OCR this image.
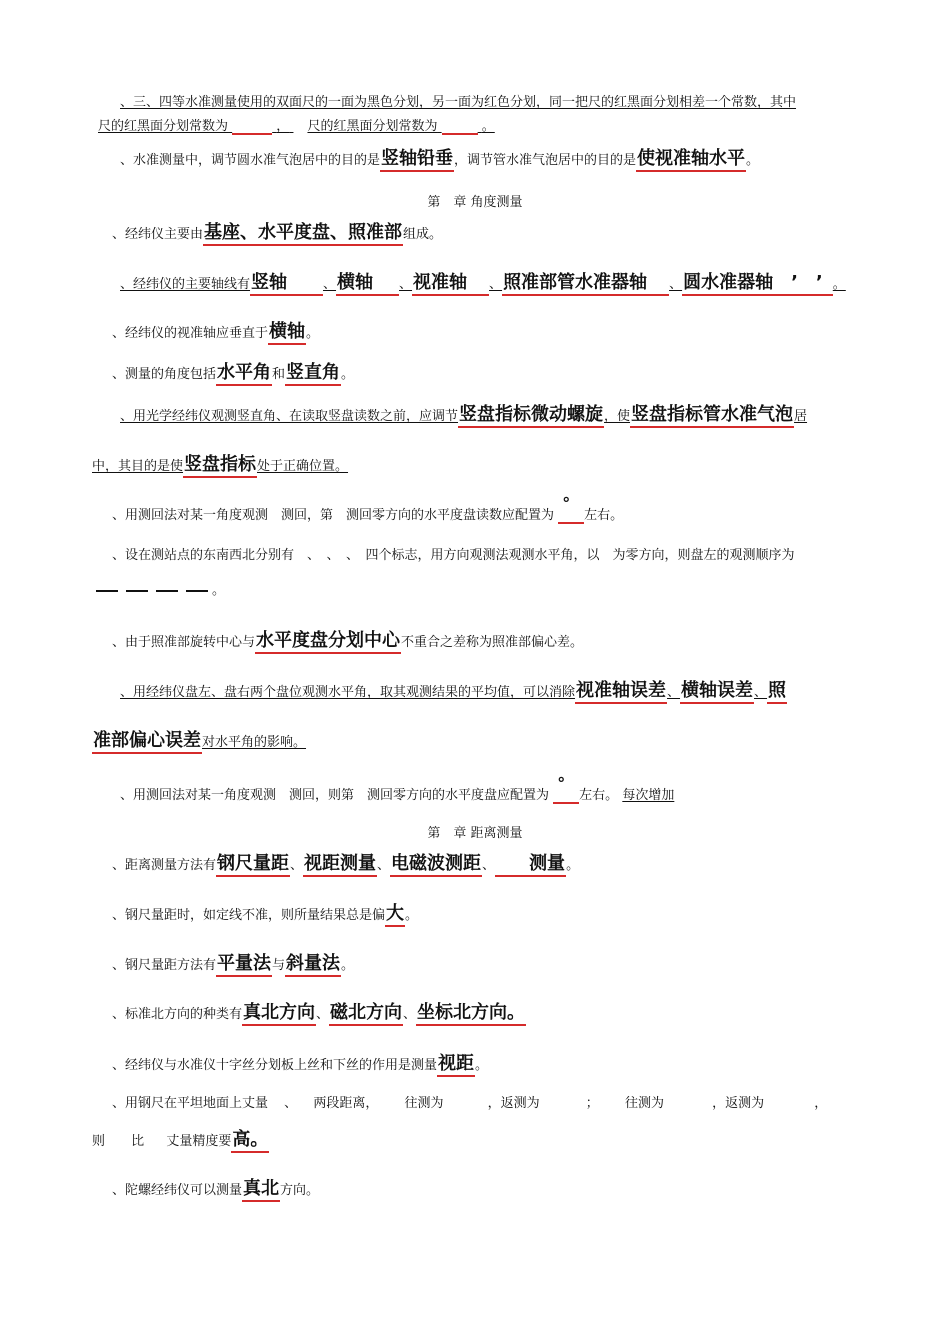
、三、四等水准测量使用的双面尺的一面为黑色分划，另一面为红色分划，同一把尺的红黑面分划相差一个常数，其中
尺的红黑面分划常数为	， 尺的红黑面分划常数为	。
、水准测量中，调节圆水准气泡居中的目的是竖轴铅垂，调节管水准气泡居中的目的是使视准轴水平。
第　章 角度测量
、经纬仪主要由基座、水平度盘、照准部组成。
、经纬仪的主要轴线有竖轴	、横轴 、视准轴 、照准部管水准器轴 、圆水准器轴　’　’ 。
、经纬仪的视准轴应垂直于横轴。
、测量的角度包括水平角和竖直角。
、用光学经纬仪观测竖直角、在读取竖盘读数之前，应调节竖盘指标微动螺旋，使竖盘指标管水准气泡居
中，其目的是使竖盘指标处于正确位置。
、用测回法对某一角度观测　测回，第　测回零方向的水平度盘读数应配置为  °左右。
、设在测站点的东南西北分别有　、　、　、　四个标志，用方向观测法观测水平角，以　为零方向，则盘左的观测顺序为
。
、由于照准部旋转中心与水平度盘分划中心不重合之差称为照准部偏心差。
、用经纬仪盘左、盘右两个盘位观测水平角，取其观测结果的平均值，可以消除视准轴误差、横轴误差、照
准部偏心误差对水平角的影响。
、用测回法对某一角度观测　测回，则第　测回零方向的水平度盘应配置为  °左右。 每次增加
第　章 距离测量
、距离测量方法有钢尺量距、视距测量、电磁波测距、 测量。
、钢尺量距时，如定线不准，则所量结果总是偏大。
、钢尺量距方法有平量法与斜量法。
、标准北方向的种类有真北方向、磁北方向、坐标北方向。
、经纬仪与水准仪十字丝分划板上丝和下丝的作用是测量视距。
、用钢尺在平坦地面上丈量 、 两段距离， 往测为	，返测为	； 往测为	，返测为	，
则 比 丈量精度要高。
、陀螺经纬仪可以测量真北方向。
